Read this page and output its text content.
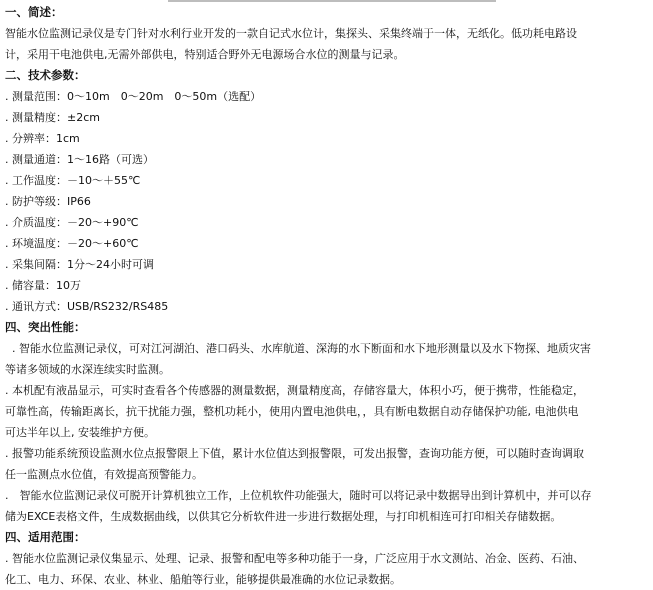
一、简述：
智能水位监测记录仪是专门针对水利行业开发的一款自记式水位计，集探头、采集终端于一体，无纸化。低功耗电路设
计，采用干电池供电,无需外部供电，特别适合野外无电源场合水位的测量与记录。
二、技术参数：
. 测量范围：0～10m　0～20m　0～50m（选配）
. 测量精度：±2cm
. 分辨率：1cm
. 测量通道：1～16路（可选）
. 工作温度：－10～＋55℃
. 防护等级：IP66
. 介质温度：－20～+90℃
. 环境温度：－20～+60℃
. 采集间隔：1分～24小时可调
. 储容量：10万
. 通讯方式：USB/RS232/RS485
四、突出性能：
. 智能水位监测记录仪，可对江河湖泊、港口码头、水库航道、深海的水下断面和水下地形测量以及水下物探、地质灾害
等诸多领域的水深连续实时监测。
. 本机配有液晶显示，可实时查看各个传感器的测量数据，测量精度高，存储容量大，体积小巧，便于携带，性能稳定，
可靠性高，传输距离长，抗干扰能力强，整机功耗小，使用内置电池供电，，具有断电数据自动存储保护功能, 电池供电
可达半年以上, 安装维护方便。
. 报警功能系统预设监测水位点报警限上下值，累计水位值达到报警限，可发出报警，查询功能方便，可以随时查询调取
任一监测点水位值，有效提高预警能力。
.　智能水位监测记录仪可脱开计算机独立工作，上位机软件功能强大，随时可以将记录中数据导出到计算机中，并可以存
储为EXCE表格文件，生成数据曲线，以供其它分析软件进一步进行数据处理，与打印机相连可打印相关存储数据。
四、适用范围：
. 智能水位监测记录仪集显示、处理、记录、报警和配电等多种功能于一身，广泛应用于水文测站、冶金、医药、石油、
化工、电力、环保、农业、林业、船舶等行业，能够提供最准确的水位记录数据。
